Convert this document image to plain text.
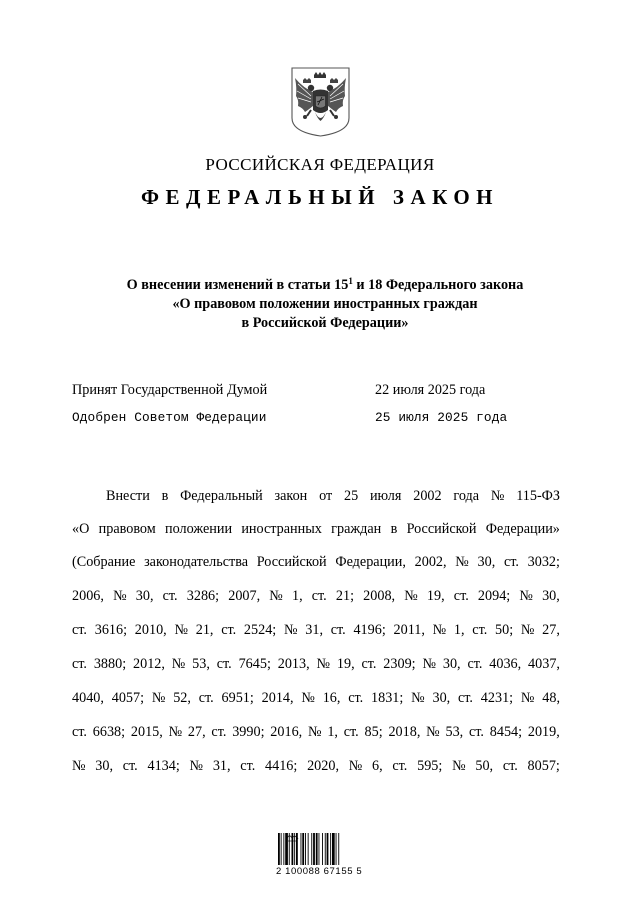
РОССИЙСКАЯ ФЕДЕРАЦИЯ
ФЕДЕРАЛЬНЫЙ ЗАКОН
О внесении изменений в статьи $15^1$ и 18 Федерального закона
«О правовом положении иностранных граждан
в Российской Федерации»
Принят Государственной Думой	22 июля 2025 года
Одобрен Советом Федерации	25 июля 2025 года
Внести в Федеральный закон от 25 июля 2002 года № 115-ФЗ
«О правовом положении иностранных граждан в Российской Федерации»
(Собрание законодательства Российской Федерации, 2002, № 30, ст. 3032;
2006, № 30, ст. 3286; 2007, № 1, ст. 21; 2008, № 19, ст. 2094; № 30,
ст. 3616; 2010, № 21, ст. 2524; № 31, ст. 4196; 2011, № 1, ст. 50; № 27,
ст. 3880; 2012, № 53, ст. 7645; 2013, № 19, ст. 2309; № 30, ст. 4036, 4037,
4040, 4057; № 52, ст. 6951; 2014, № 16, ст. 1831; № 30, ст. 4231; № 48,
ст. 6638; 2015, № 27, ст. 3990; 2016, № 1, ст. 85; 2018, № 53, ст. 8454; 2019,
№ 30, ст. 4134; № 31, ст. 4416; 2020, № 6, ст. 595; № 50, ст. 8057;
2 100088 67155 5
